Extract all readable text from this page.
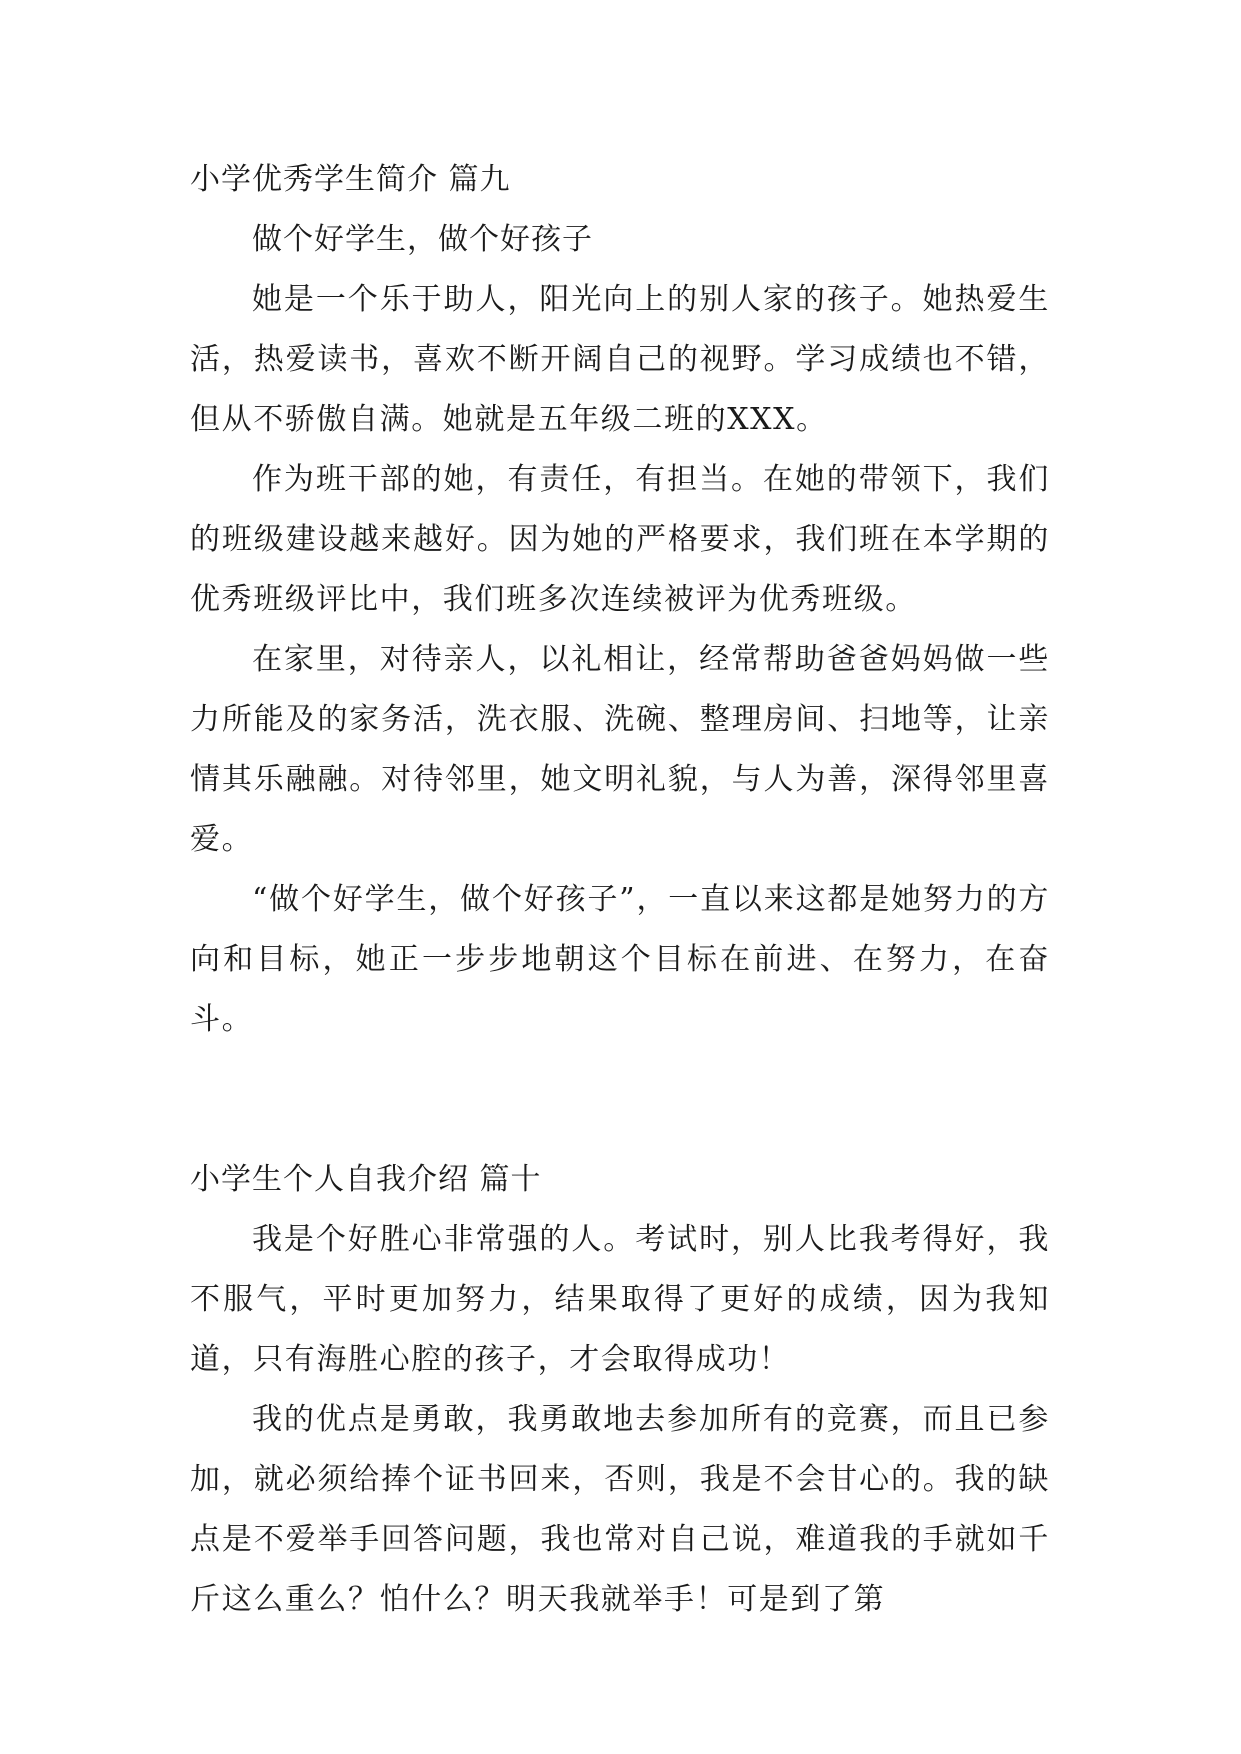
小学优秀学生简介 篇九

做个好学生，做个好孩子

她是一个乐于助人，阳光向上的别人家的孩子。她热爱生活，热爱读书，喜欢不断开阔自己的视野。学习成绩也不错，但从不骄傲自满。她就是五年级二班的XXX。

作为班干部的她，有责任，有担当。在她的带领下，我们的班级建设越来越好。因为她的严格要求，我们班在本学期的优秀班级评比中，我们班多次连续被评为优秀班级。

在家里，对待亲人，以礼相让，经常帮助爸爸妈妈做一些力所能及的家务活，洗衣服、洗碗、整理房间、扫地等，让亲情其乐融融。对待邻里，她文明礼貌，与人为善，深得邻里喜爱。

“做个好学生，做个好孩子”，一直以来这都是她努力的方向和目标，她正一步步地朝这个目标在前进、在努力，在奋斗。

小学生个人自我介绍 篇十

我是个好胜心非常强的人。考试时，别人比我考得好，我不服气，平时更加努力，结果取得了更好的成绩，因为我知道，只有海胜心腔的孩子，才会取得成功！

我的优点是勇敢，我勇敢地去参加所有的竞赛，而且已参加，就必须给捧个证书回来，否则，我是不会甘心的。我的缺点是不爱举手回答问题，我也常对自己说，难道我的手就如千斤这么重么？怕什么？明天我就举手！可是到了第
